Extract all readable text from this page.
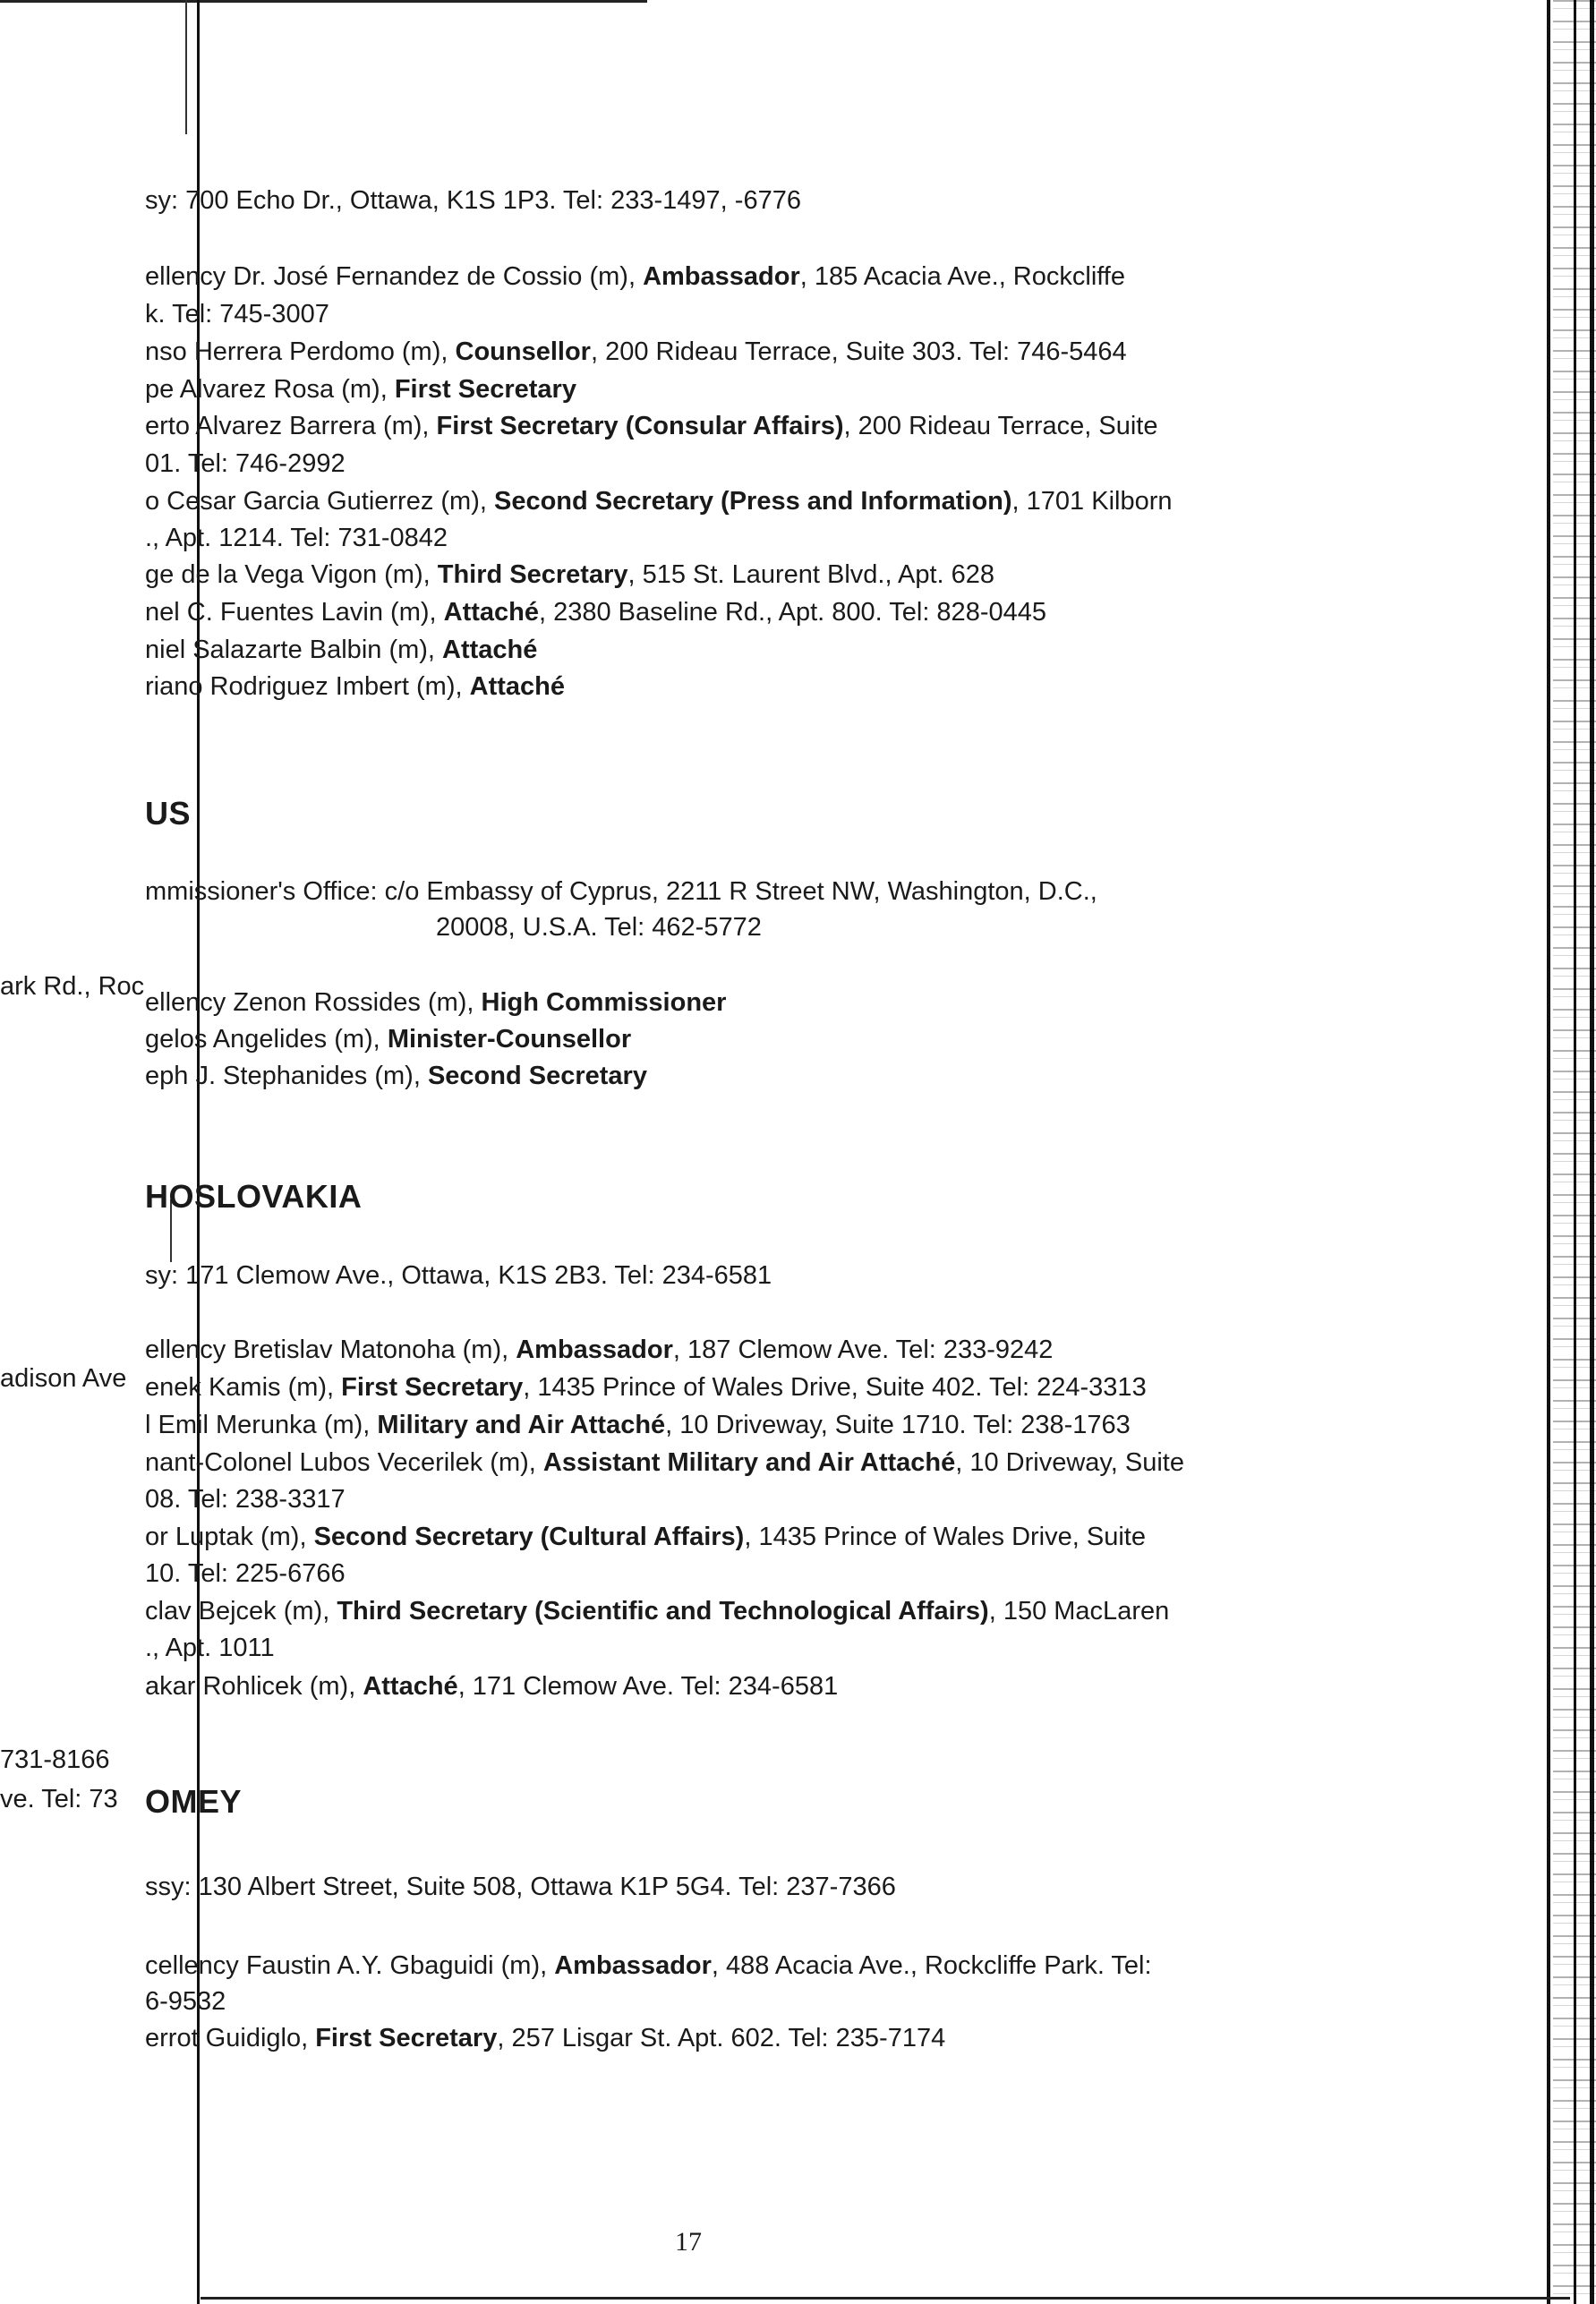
sy: 700 Echo Dr., Ottawa, K1S 1P3. Tel: 233-1497, -6776
ellency Dr. José Fernandez de Cossio (m), Ambassador, 185 Acacia Ave., Rockcliffe
k. Tel: 745-3007
nso Herrera Perdomo (m), Counsellor, 200 Rideau Terrace, Suite 303. Tel: 746-5464
pe Alvarez Rosa (m), First Secretary
erto Alvarez Barrera (m), First Secretary (Consular Affairs), 200 Rideau Terrace, Suite
01. Tel: 746-2992
o Cesar Garcia Gutierrez (m), Second Secretary (Press and Information), 1701 Kilborn
., Apt. 1214. Tel: 731-0842
ge de la Vega Vigon (m), Third Secretary, 515 St. Laurent Blvd., Apt. 628
nel C. Fuentes Lavin (m), Attaché, 2380 Baseline Rd., Apt. 800. Tel: 828-0445
niel Salazarte Balbin (m), Attaché
riano Rodriguez Imbert (m), Attaché
US
mmissioner's Office: c/o Embassy of Cyprus, 2211 R Street NW, Washington, D.C.,
20008, U.S.A. Tel: 462-5772
ark Rd., Roc
ellency Zenon Rossides (m), High Commissioner
gelos Angelides (m), Minister-Counsellor
eph J. Stephanides (m), Second Secretary
HOSLOVAKIA
sy: 171 Clemow Ave., Ottawa, K1S 2B3. Tel: 234-6581
ellency Bretislav Matonoha (m), Ambassador, 187 Clemow Ave. Tel: 233-9242
adison Ave enek Kamis (m), First Secretary, 1435 Prince of Wales Drive, Suite 402. Tel: 224-3313
l Emil Merunka (m), Military and Air Attaché, 10 Driveway, Suite 1710. Tel: 238-1763
nant-Colonel Lubos Vecerilek (m), Assistant Military and Air Attaché, 10 Driveway, Suite
08. Tel: 238-3317
or Luptak (m), Second Secretary (Cultural Affairs), 1435 Prince of Wales Drive, Suite
10. Tel: 225-6766
clav Bejcek (m), Third Secretary (Scientific and Technological Affairs), 150 MacLaren
., Apt. 1011
akar Rohlicek (m), Attaché, 171 Clemow Ave. Tel: 234-6581
731-8166
ve. Tel: 73 OMEY
ssy: 130 Albert Street, Suite 508, Ottawa K1P 5G4. Tel: 237-7366
cellency Faustin A.Y. Gbaguidi (m), Ambassador, 488 Acacia Ave., Rockcliffe Park. Tel:
6-9532
errot Guidiglo, First Secretary, 257 Lisgar St. Apt. 602. Tel: 235-7174
17
